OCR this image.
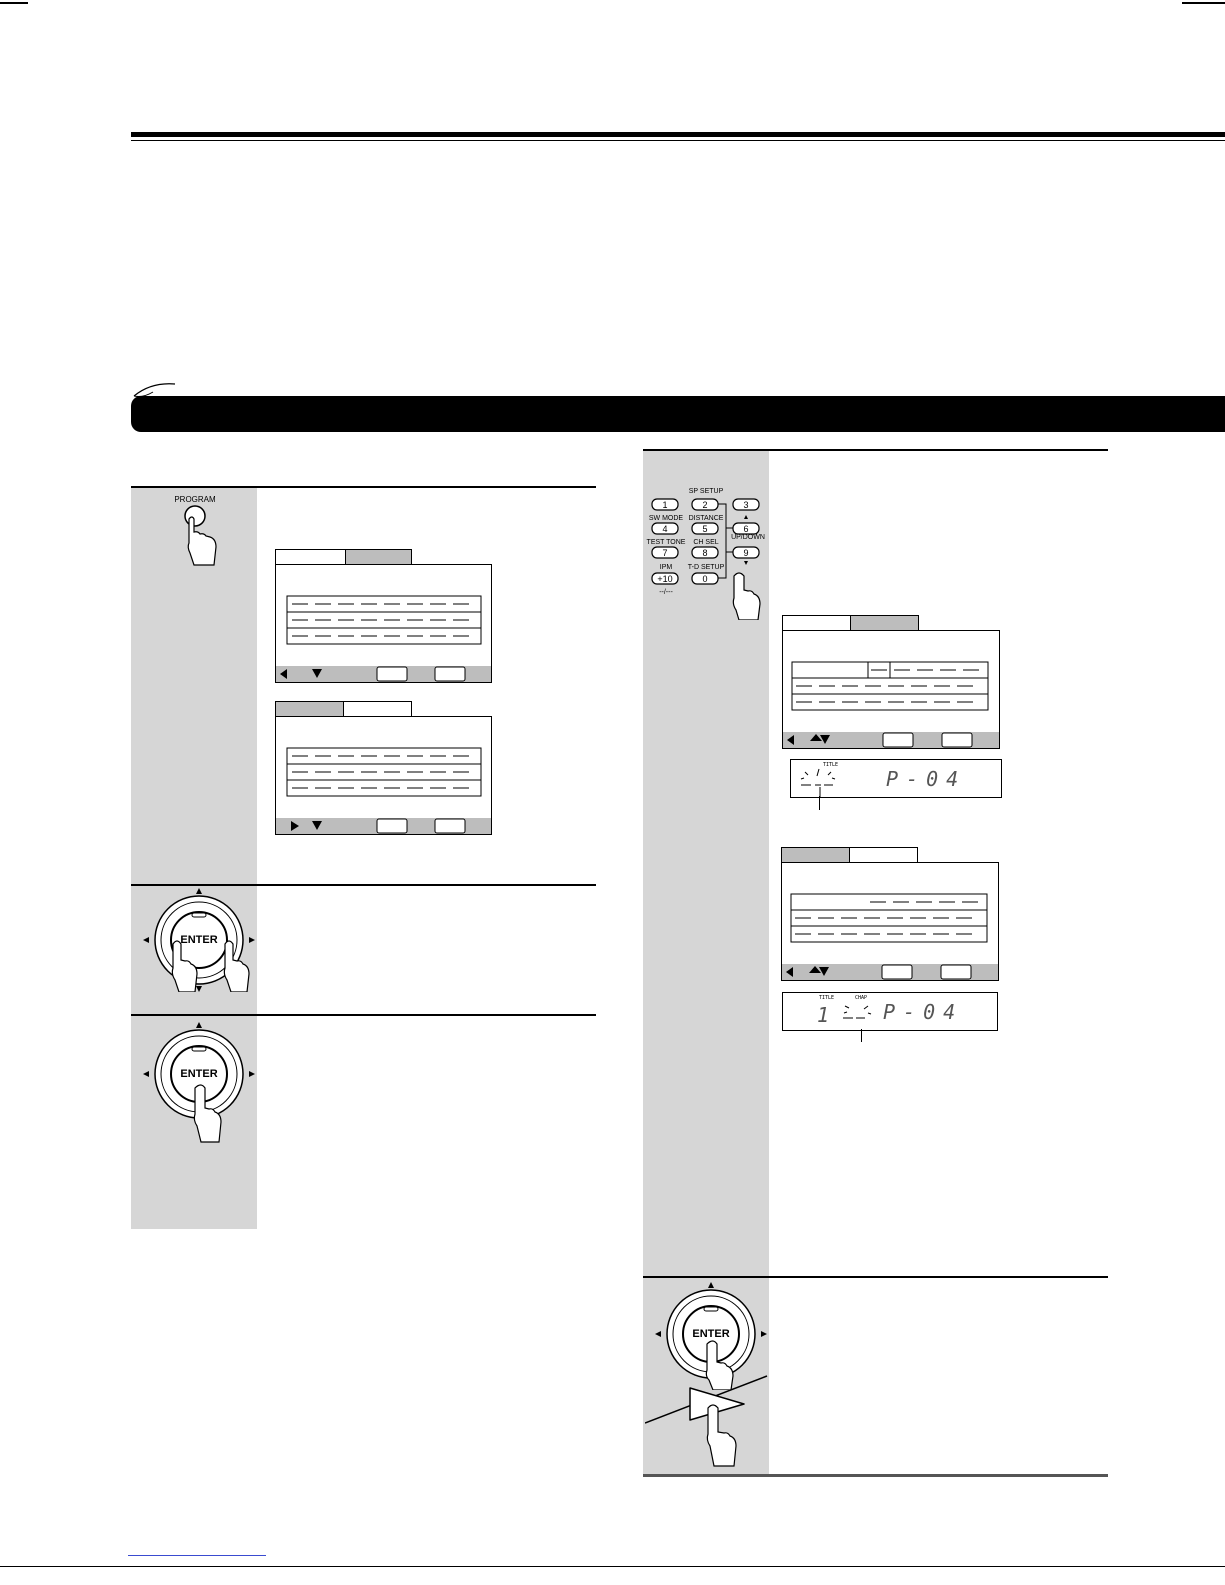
PROGRAM
ENTER
ENTER
SP SETUP
SW MODE DISTANCE
TEST TONE	CH SEL
UP/DOWN
IPM	T-D SETUP
--/---
1	2	3
4	5	6
7	8	9
+10	0
TITLE
P-04
TITLE	CHAP
1	P-04
ENTER
